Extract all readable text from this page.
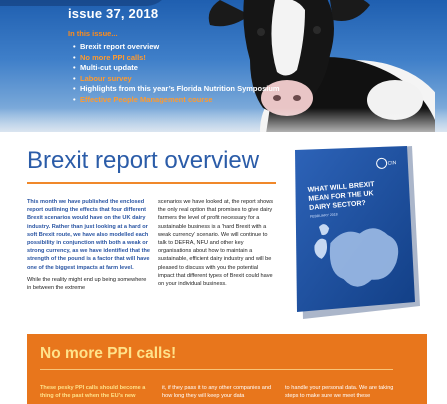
issue 37, 2018
In this issue...
• Brexit report overview
• No more PPI calls!
• Multi-cut update
• Labour survey
• Highlights from this year’s Florida Nutrition Symposium
• Effective People Management course
Brexit report overview
This month we have published the enclosed report outlining the effects that four different Brexit scenarios would have on the UK dairy industry. Rather than just looking at a hard or soft Brexit route, we have also modelled each possibility in conjunction with both a weak or strong currency, as we have identified that the strength of the pound is a factor that will have one of the biggest impacts at farm level.
While the reality might end up being somewhere in between the extreme
scenarios we have looked at, the report shows the only real option that promises to give dairy farmers the level of profit necessary for a sustainable business is a ‘hard Brexit with a weak currency’ scenario. We will continue to talk to DEFRA, NFU and other key organisations about how to maintain a sustainable, efficient dairy industry and will be pleased to discuss with you the potential impact that different types of Brexit could have on your individual business.
CIN
WHAT WILL BREXIT
MEAN FOR THE UK
DAIRY SECTOR?
FEBRUARY 2018
No more PPI calls!
These pesky PPI calls should become a thing of the past when the EU’s new
it, if they pass it to any other companies and how long they will keep your data
to handle your personal data. We are taking steps to make sure we meet these
